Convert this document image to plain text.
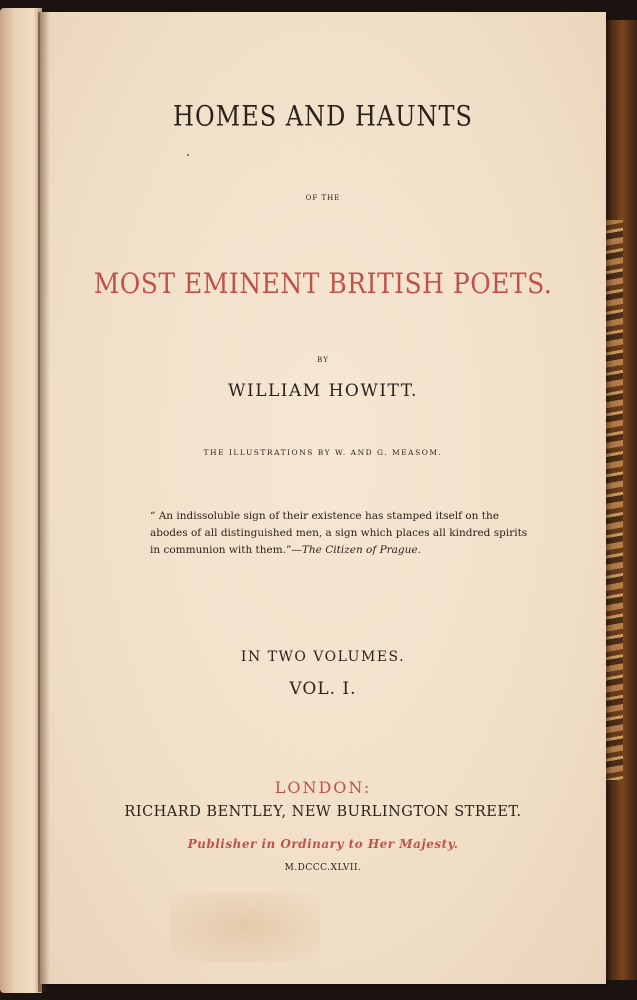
HOMES AND HAUNTS
OF THE
MOST EMINENT BRITISH POETS.
BY
WILLIAM HOWITT.
THE ILLUSTRATIONS BY W. AND G. MEASOM.
“ An indissoluble sign of their existence has stamped itself on the
abodes of all distinguished men, a sign which places all kindred spirits
in communion with them.”—The Citizen of Prague.
IN TWO VOLUMES.
VOL. I.
LONDON:
RICHARD BENTLEY, NEW BURLINGTON STREET.
Publisher in Ordinary to Her Majesty.
M.DCCC.XLVII.
